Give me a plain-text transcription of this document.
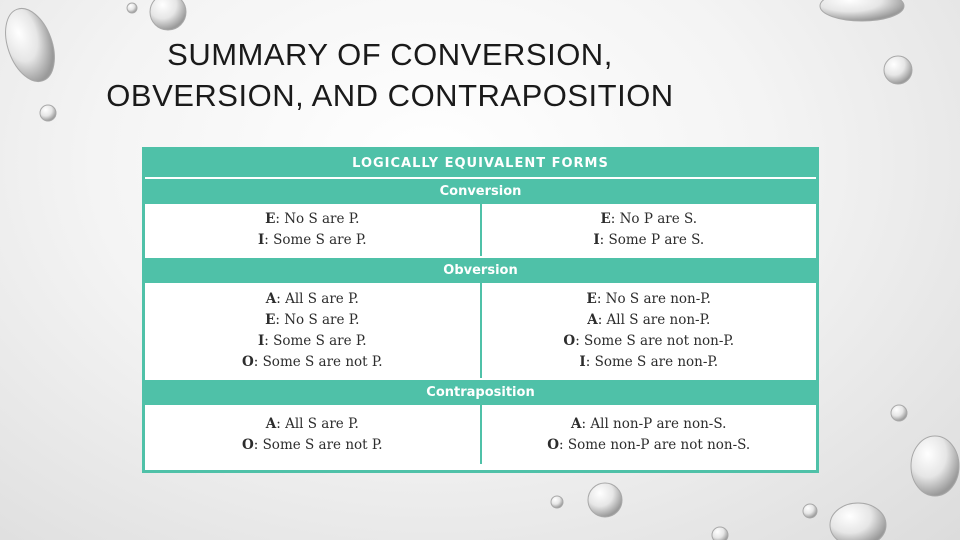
SUMMARY OF CONVERSION,
OBVERSION, AND CONTRAPOSITION
LOGICALLY EQUIVALENT FORMS
Conversion
E: No S are P.
I: Some S are P.
E: No P are S.
I: Some P are S.
Obversion
A: All S are P.
E: No S are P.
I: Some S are P.
O: Some S are not P.
E: No S are non-P.
A: All S are non-P.
O: Some S are not non-P.
I: Some S are non-P.
Contraposition
A: All S are P.
O: Some S are not P.
A: All non-P are non-S.
O: Some non-P are not non-S.
